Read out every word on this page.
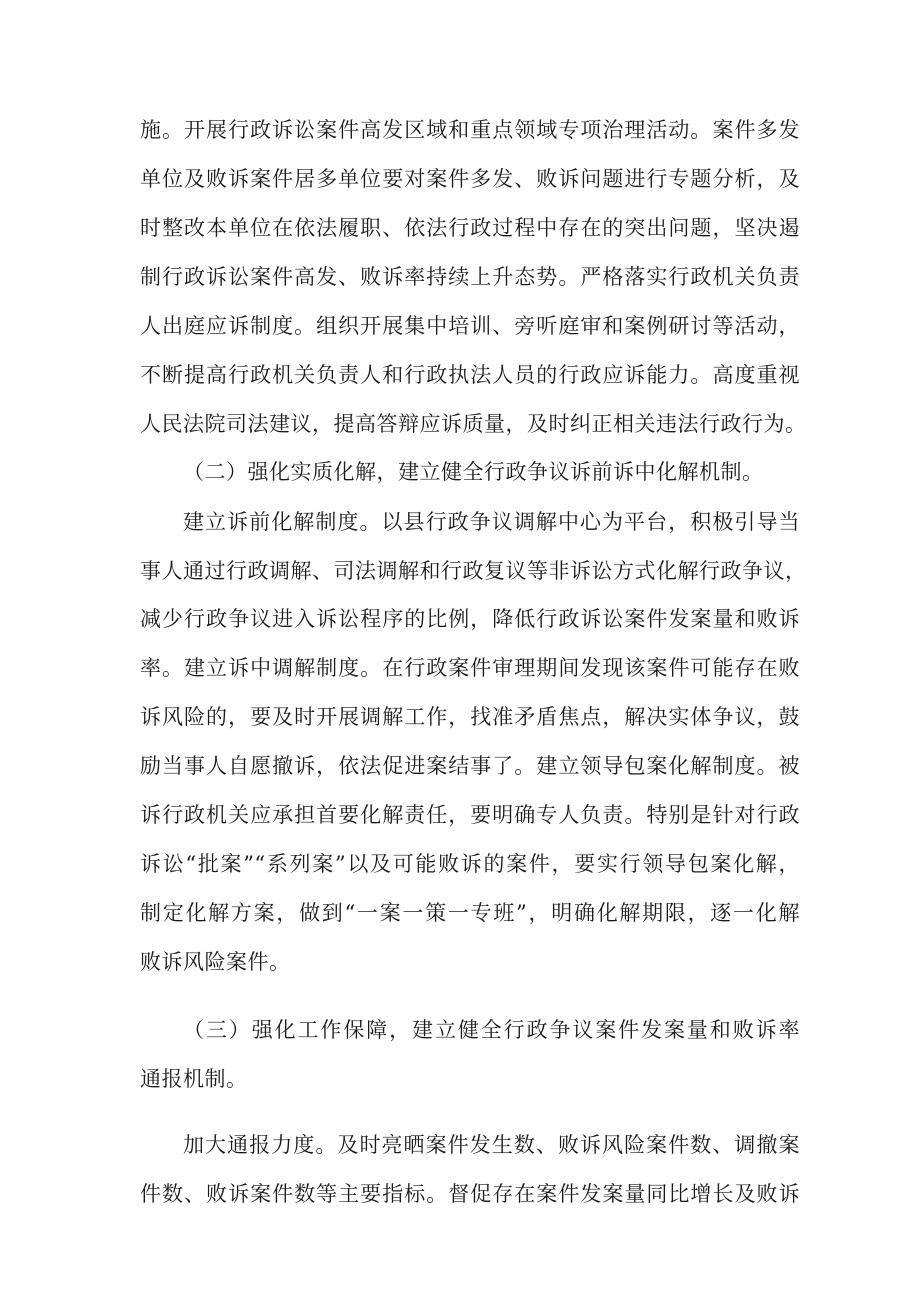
施。开展行政诉讼案件高发区域和重点领域专项治理活动。案件多发
单位及败诉案件居多单位要对案件多发、败诉问题进行专题分析，及
时整改本单位在依法履职、依法行政过程中存在的突出问题，坚决遏
制行政诉讼案件高发、败诉率持续上升态势。严格落实行政机关负责
人出庭应诉制度。组织开展集中培训、旁听庭审和案例研讨等活动，
不断提高行政机关负责人和行政执法人员的行政应诉能力。高度重视
人民法院司法建议，提高答辩应诉质量，及时纠正相关违法行政行为。
（二）强化实质化解，建立健全行政争议诉前诉中化解机制。
建立诉前化解制度。以县行政争议调解中心为平台，积极引导当
事人通过行政调解、司法调解和行政复议等非诉讼方式化解行政争议，
减少行政争议进入诉讼程序的比例，降低行政诉讼案件发案量和败诉
率。建立诉中调解制度。在行政案件审理期间发现该案件可能存在败
诉风险的，要及时开展调解工作，找准矛盾焦点，解决实体争议，鼓
励当事人自愿撤诉，依法促进案结事了。建立领导包案化解制度。被
诉行政机关应承担首要化解责任，要明确专人负责。特别是针对行政
诉讼“批案”“系列案”以及可能败诉的案件，要实行领导包案化解，
制定化解方案，做到“一案一策一专班”，明确化解期限，逐一化解
败诉风险案件。
（三）强化工作保障，建立健全行政争议案件发案量和败诉率
通报机制。
加大通报力度。及时亮晒案件发生数、败诉风险案件数、调撤案
件数、败诉案件数等主要指标。督促存在案件发案量同比增长及败诉
